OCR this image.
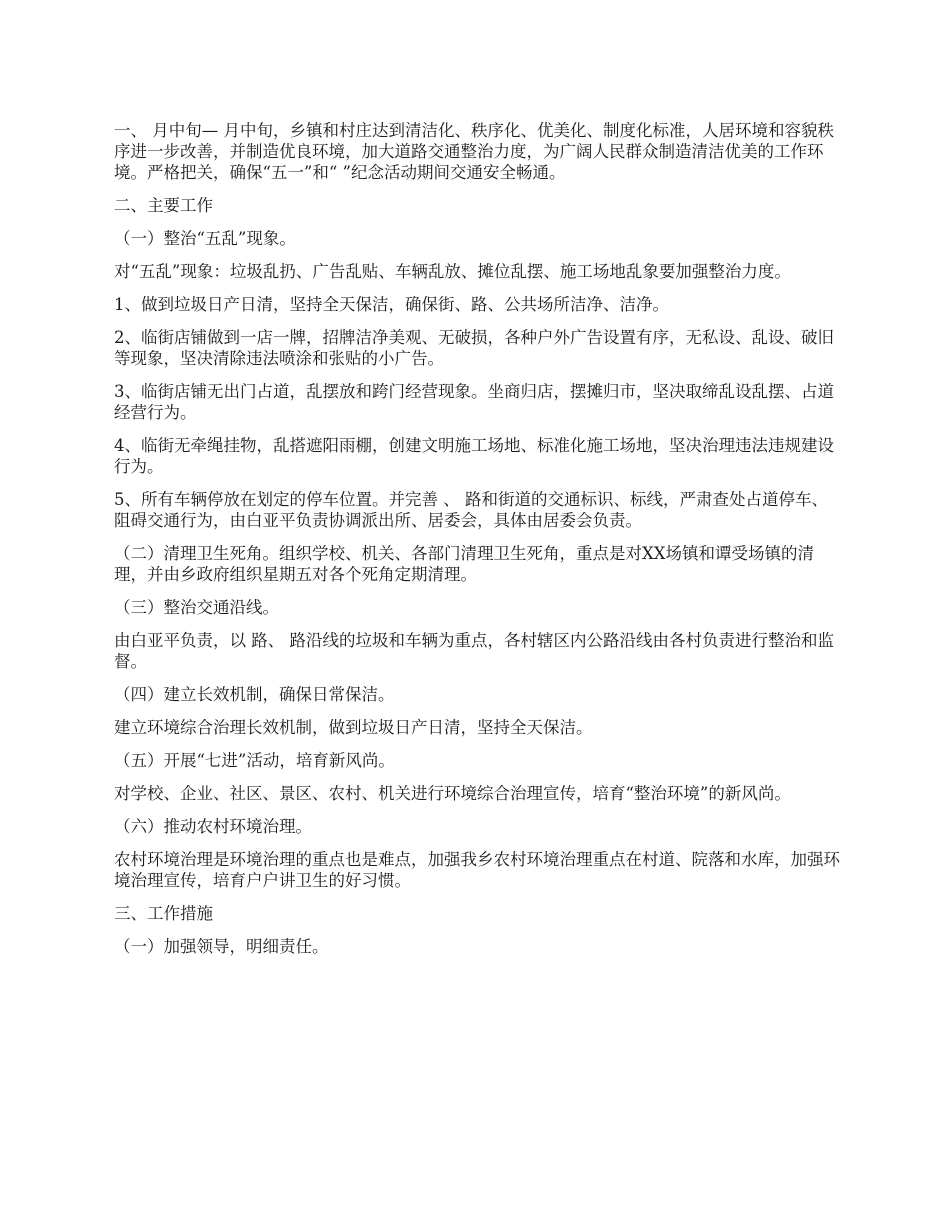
一、 月中旬— 月中旬，乡镇和村庄达到清洁化、秩序化、优美化、制度化标准，人居环境和容貌秩序进一步改善，并制造优良环境，加大道路交通整治力度，为广阔人民群众制造清洁优美的工作环境。严格把关，确保“五一”和“ ”纪念活动期间交通安全畅通。

二、主要工作

（一）整治“五乱”现象。

对“五乱”现象：垃圾乱扔、广告乱贴、车辆乱放、摊位乱摆、施工场地乱象要加强整治力度。

1、做到垃圾日产日清，坚持全天保洁，确保街、路、公共场所洁净、洁净。

2、临街店铺做到一店一牌，招牌洁净美观、无破损，各种户外广告设置有序，无私设、乱设、破旧等现象，坚决清除违法喷涂和张贴的小广告。

3、临街店铺无出门占道，乱摆放和跨门经营现象。坐商归店，摆摊归市，坚决取缔乱设乱摆、占道经营行为。

4、临街无牵绳挂物，乱搭遮阳雨棚，创建文明施工场地、标准化施工场地，坚决治理违法违规建设行为。

5、所有车辆停放在划定的停车位置。并完善 、 路和街道的交通标识、标线，严肃查处占道停车、阻碍交通行为，由白亚平负责协调派出所、居委会，具体由居委会负责。

（二）清理卫生死角。组织学校、机关、各部门清理卫生死角，重点是对XX场镇和谭受场镇的清理，并由乡政府组织星期五对各个死角定期清理。

（三）整治交通沿线。

由白亚平负责，以 路、 路沿线的垃圾和车辆为重点，各村辖区内公路沿线由各村负责进行整治和监督。

（四）建立长效机制，确保日常保洁。

建立环境综合治理长效机制，做到垃圾日产日清，坚持全天保洁。

（五）开展“七进”活动，培育新风尚。

对学校、企业、社区、景区、农村、机关进行环境综合治理宣传，培育“整治环境”的新风尚。

（六）推动农村环境治理。

农村环境治理是环境治理的重点也是难点，加强我乡农村环境治理重点在村道、院落和水库，加强环境治理宣传，培育户户讲卫生的好习惯。

三、工作措施

（一）加强领导，明细责任。
